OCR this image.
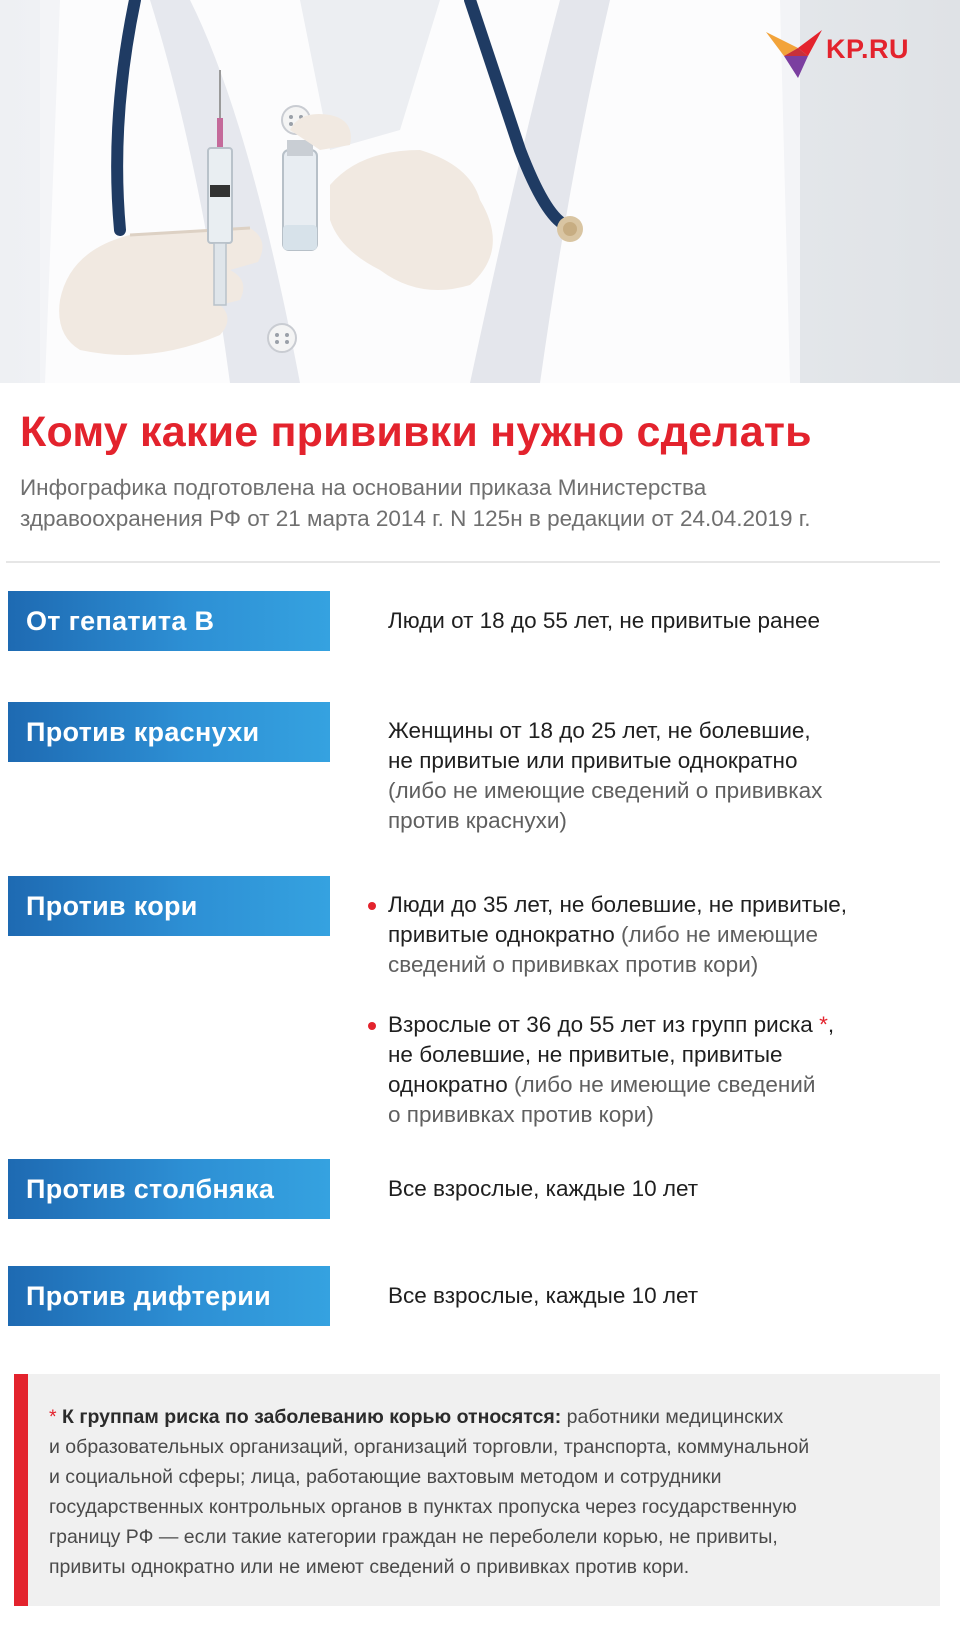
KP.RU
Кому какие прививки нужно сделать
Инфографика подготовлена на основании приказа Министерства
здравоохранения РФ от 21 марта 2014 г. N 125н в редакции от 24.04.2019 г.
От гепатита В	Люди от 18 до 55 лет, не привитые ранее
Против краснухи	Женщины от 18 до 25 лет, не болевшие,
не привитые или привитые однократно
(либо не имеющие сведений о прививках
против краснухи)
Против кори	Люди до 35 лет, не болевшие, не привитые,
привитые однократно (либо не имеющие
сведений о прививках против кори)
Взрослые от 36 до 55 лет из групп риска *,
не болевшие, не привитые, привитые
однократно (либо не имеющие сведений
о прививках против кори)
Против столбняка	Все взрослые, каждые 10 лет
Против дифтерии	Все взрослые, каждые 10 лет
* К группам риска по заболеванию корью относятся: работники медицинских
и образовательных организаций, организаций торговли, транспорта, коммунальной
и социальной сферы; лица, работающие вахтовым методом и сотрудники
государственных контрольных органов в пунктах пропуска через государственную
границу РФ — если такие категории граждан не переболели корью, не привиты,
привиты однократно или не имеют сведений о прививках против кори.
